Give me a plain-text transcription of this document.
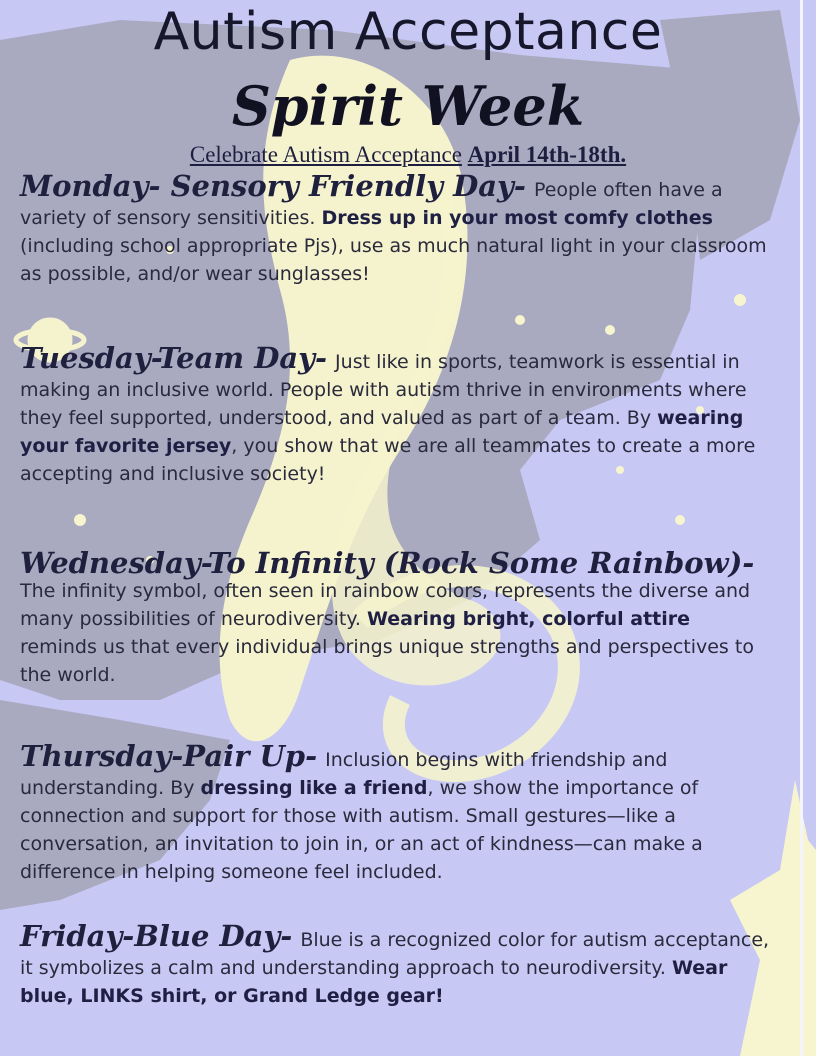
Autism Acceptance
Spirit Week
Celebrate Autism Acceptance April 14th-18th.
Monday- Sensory Friendly Day- People often have a variety of sensory sensitivities. Dress up in your most comfy clothes (including school appropriate Pjs), use as much natural light in your classroom as possible, and/or wear sunglasses!
Tuesday-Team Day- Just like in sports, teamwork is essential in making an inclusive world. People with autism thrive in environments where they feel supported, understood, and valued as part of a team. By wearing your favorite jersey, you show that we are all teammates to create a more accepting and inclusive society!
Wednesday-To Infinity (Rock Some Rainbow)-
The infinity symbol, often seen in rainbow colors, represents the diverse and many possibilities of neurodiversity. Wearing bright, colorful attire reminds us that every individual brings unique strengths and perspectives to the world.
Thursday-Pair Up- Inclusion begins with friendship and understanding. By dressing like a friend, we show the importance of connection and support for those with autism. Small gestures—like a conversation, an invitation to join in, or an act of kindness—can make a difference in helping someone feel included.
Friday-Blue Day- Blue is a recognized color for autism acceptance, it symbolizes a calm and understanding approach to neurodiversity. Wear blue, LINKS shirt, or Grand Ledge gear!
